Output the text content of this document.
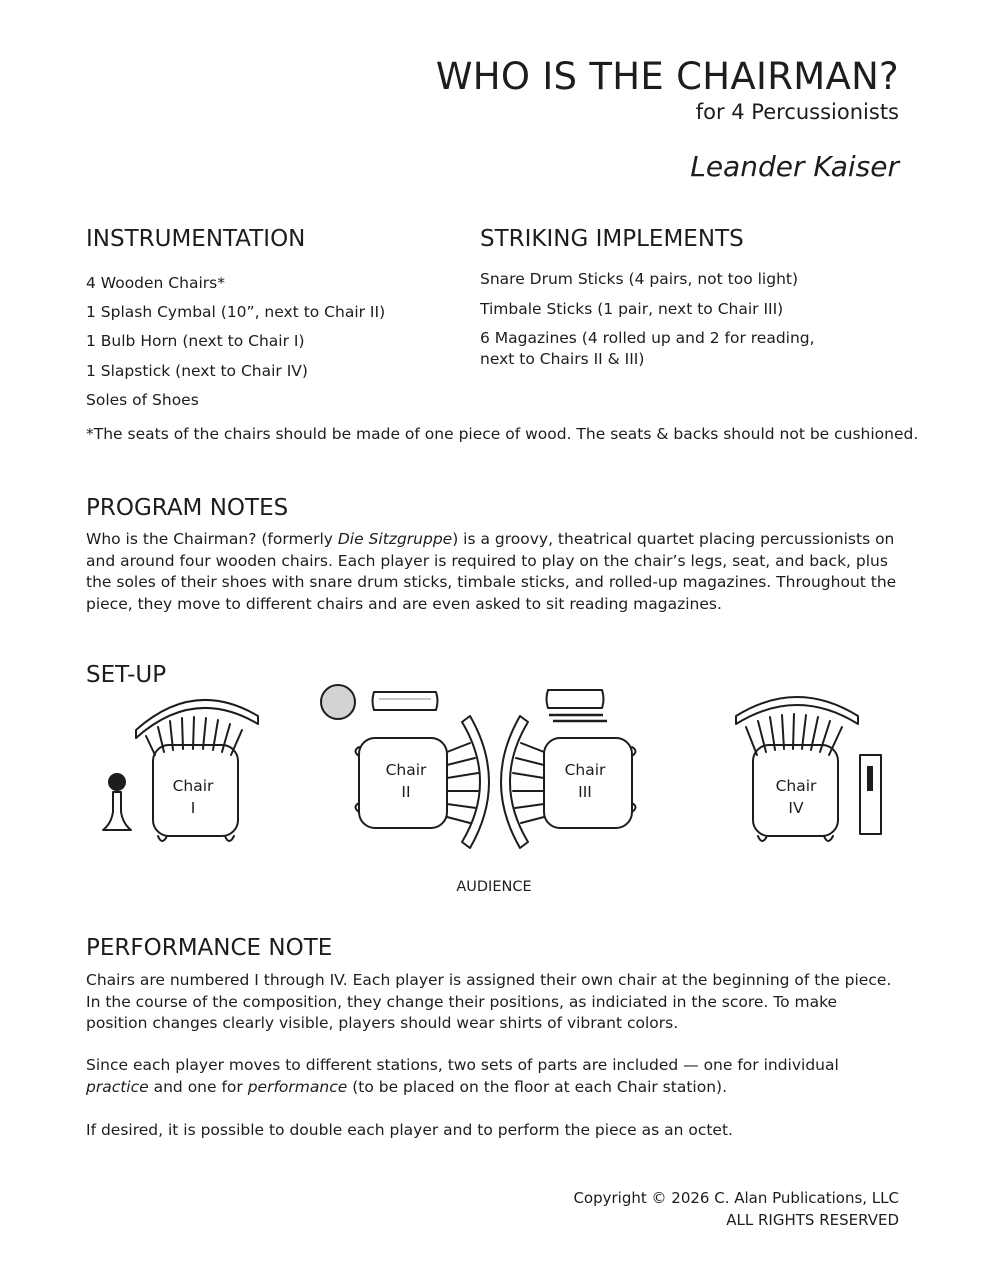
WHO IS THE CHAIRMAN?
for 4 Percussionists
Leander Kaiser
INSTRUMENTATION
4 Wooden Chairs*
1 Splash Cymbal (10”, next to Chair II)
1 Bulb Horn (next to Chair I)
1 Slapstick (next to Chair IV)
Soles of Shoes
STRIKING IMPLEMENTS
Snare Drum Sticks (4 pairs, not too light)
Timbale Sticks (1 pair, next to Chair III)
6 Magazines (4 rolled up and 2 for reading,
next to Chairs II & III)

*The seats of the chairs should be made of one piece of wood. The seats & backs should not be cushioned.

PROGRAM NOTES

Who is the Chairman? (formerly Die Sitzgruppe) is a groovy, theatrical quartet placing percussionists on and around four wooden chairs. Each player is required to play on the chair’s legs, seat, and back, plus the soles of their shoes with snare drum sticks, timbale sticks, and rolled-up magazines. Throughout the piece, they move to different chairs and are even asked to sit reading magazines.

SET-UP
Chair
I
Chair
II
Chair
III	Chair
IV
AUDIENCE
PERFORMANCE NOTE

Chairs are numbered I through IV. Each player is assigned their own chair at the beginning of the piece. In the course of the composition, they change their positions, as indiciated in the score. To make position changes clearly visible, players should wear shirts of vibrant colors.

Since each player moves to different stations, two sets of parts are included — one for individual practice and one for performance (to be placed on the floor at each Chair station).

If desired, it is possible to double each player and to perform the piece as an octet.

Copyright © 2026 C. Alan Publications, LLC
ALL RIGHTS RESERVED
